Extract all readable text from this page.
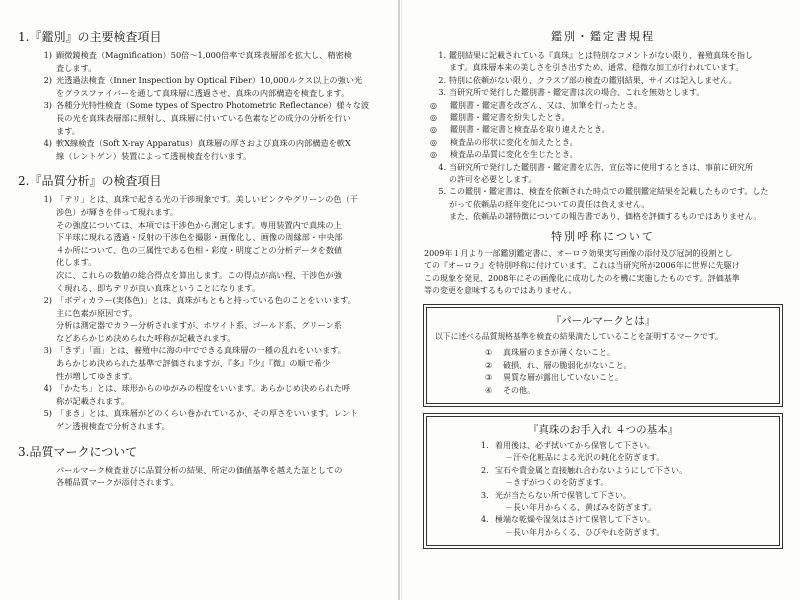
1.『鑑別』の主要検査項目
1) 顕微鏡検査（Magnification）50倍～1,000倍率で真珠表層部を拡大し、精密検

査します。

2) 光透過法検査（Inner Inspection by Optical Fiber）10,000ルクス以上の強い光

をグラスファイバーを通して真珠層に透過させ、真珠の内部構造を検査します。

3) 各種分光特性検査（Some types of Spectro Photometric Reflectance）様々な波

長の光を真珠表層部に照射し、真珠層に付いている色素などの成分の分析を行い

ます。

4) 軟X線検査（Soft X-ray Apparatus）真珠層の厚さおよび真珠の内部構造を軟X

線（レントゲン）装置によって透視検査を行います。

2.『品質分析』の検査項目
1) 「テリ」とは、真珠で起きる光の干渉現象です。美しいピンクやグリーンの色（干

渉色）が輝きを伴って現れます。

その強度については、本項では干渉色から測定します。専用装置内で真珠の上

下半球に現れる透過・反射の干渉色を撮影・画像化し、画像の周縁部・中央部

４か所について、色の三属性である色相・彩度・明度ごとの分析データを数値

化します。

次に、これらの数値の総合得点を算出します。この得点が高い程、干渉色が強

く現れる、即ちテリが良い真珠ということになります。

2) 「ボディカラー(実体色)」とは、真珠がもともと持っている色のことをいいます。

主に色素が原因です。

分析は測定器でカラー分析されますが、ホワイト系、ゴールド系、グリーン系

などあらかじめ決められた呼称が記載されます。

3) 「きず」「面」とは、養殖中に海の中でできる真珠層の一種の乱れをいいます。

あらかじめ決められた基準で評価されますが、『多』『少』『微』の順で希少

性が増してゆきます。

4) 「かたち」とは、球形からのゆがみの程度をいいます。あらかじめ決められた呼

称が記載されます。

5) 「まき」とは、真珠層がどのくらい巻かれているか、その厚さをいいます。レント

ゲン透視検査で分析されます。

3.品質マークについて

パールマーク検査並びに品質分析の結果、所定の価値基準を越えた証としての

各種品質マークが添付されます。

鑑別・鑑定書規程
1. 鑑別結果に記載されている『真珠』とは特別なコメントがない限り、養殖真珠を指し
ます。真珠層本来の美しさを引き出すため、通常、穏微な加工が行われています。
2. 特別に依頼がない限り、クラスプ部の検査の鑑別結果、サイズは記入しません。
3. 当研究所で発行した鑑別書・鑑定書は次の場合、これを無効とします。
◎	鑑別書・鑑定書を改ざん、又は、加筆を行ったとき。
◎	鑑別書・鑑定書を紛失したとき。
◎	鑑別書・鑑定書と検査品を取り違えたとき。
◎	検査品の形状に変化を加えたとき。
◎	検査品の品質に変化を生じたとき。
4. 当研究所で発行した鑑別書・鑑定書を広告、宣伝等に使用するときは、事前に研究所
の許可を必要とします。
5. この鑑別・鑑定書は、検査を依頼された時点での鑑別鑑定結果を記載したものです。した
がって依頼品の経年変化についての責任は負えません。
また、依頼品の諸特徴についての報告書であり、価格を評価するものではありません。
特別呼称について
2009年１月より一部鑑別鑑定書に、オーロラ効果実写画像の添付及び冠詞的役割とし
ての『オーロラ』を特別呼称に付けています。これは当研究所が2006年に世界に先駆け
この現象を発見、2008年にその画像化に成功したのを機に実施したものです。評価基準
等の変更を意味するものではありません。
『パールマークとは』
以下に述べる品質規格基準を検査の結果満たしていることを証明するマークです。
①	真珠層のまきが薄くないこと。
②	破損、れ、層の脆弱化がないこと。
③	異質な層が露出していないこと。
④	その他。
『真珠のお手入れ ４つの基本』
1. 着用後は、必ず拭いてから保管して下さい。
－汗や化粧品による光沢の鈍化を防ぎます。
2. 宝石や貴金属と直接触れ合わないようにして下さい。
－きずがつくのを防ぎます。
3. 光が当たらない所で保管して下さい。
－長い年月からくる、黄ばみを防ぎます。
4. 極端な乾燥や湿気はさけて保管して下さい。
－長い年月からくる、ひびやれを防ぎます。
